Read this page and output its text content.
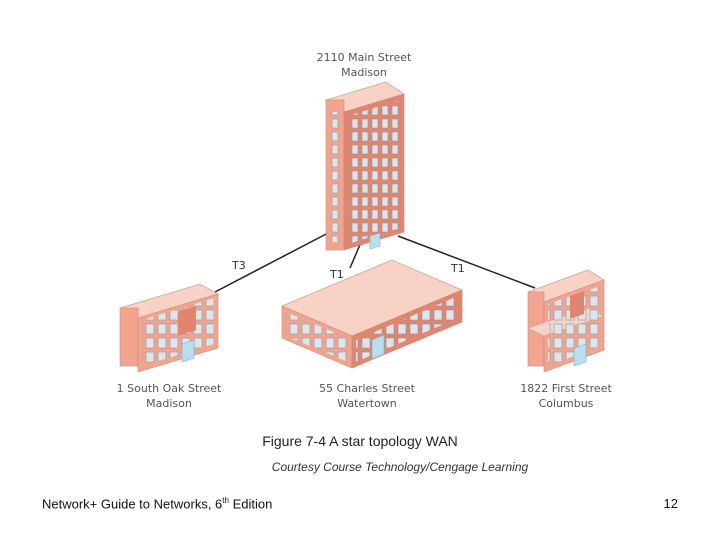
T3
T1	T1
2110 Main Street
Madison
1 South Oak Street
Madison
55 Charles Street
Watertown
1822 First Street
Columbus
Figure 7-4 A star topology WAN
Courtesy Course Technology/Cengage Learning
Network+ Guide to Networks, 6th Edition	12
